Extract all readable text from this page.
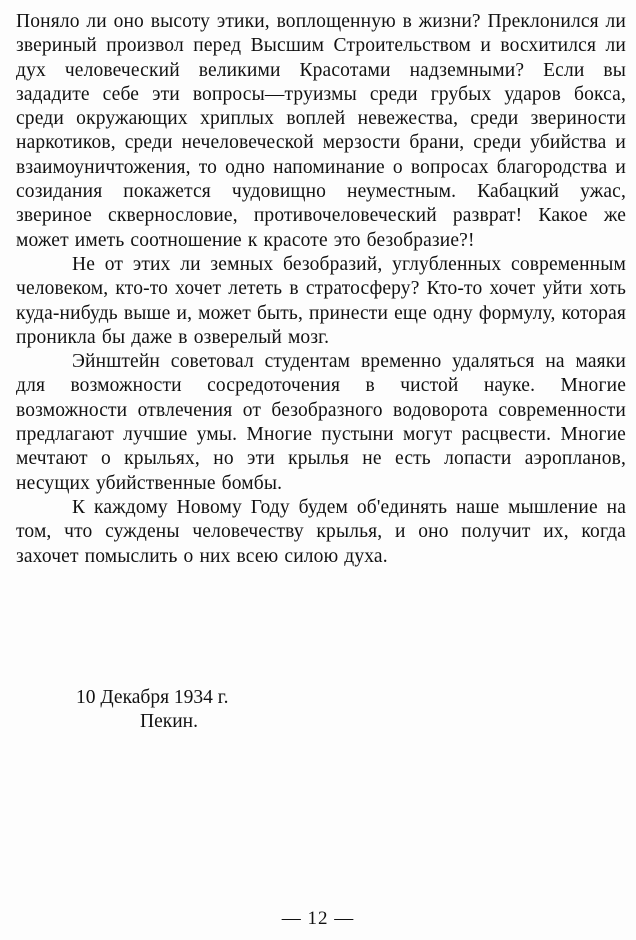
Поняло ли оно высоту этики, воплощенную в жизни? Преклонился ли звериный произвол перед Высшим Строительством и восхитился ли дух человеческий великими Красотами надземными? Если вы зададите себе эти вопросы—труизмы среди грубых ударов бокса, среди окружающих хриплых воплей невежества, среди звериности наркотиков, среди нечеловеческой мерзости брани, среди убийства и взаимоуничтожения, то одно напоминание о вопросах благородства и созидания покажется чудовищно неуместным. Кабацкий ужас, звериное сквернословие, противочеловеческий разврат! Какое же может иметь соотношение к красоте это безобразие?!

Не от этих ли земных безобразий, углубленных современным человеком, кто-то хочет лететь в стратосферу? Кто-то хочет уйти хоть куда-нибудь выше и, может быть, принести еще одну формулу, которая проникла бы даже в озверелый мозг.

Эйнштейн советовал студентам временно удаляться на маяки для возможности сосредоточения в чистой науке. Многие возможности отвлечения от безобразного водоворота современности предлагают лучшие умы. Многие пустыни могут расцвести. Многие мечтают о крыльях, но эти крылья не есть лопасти аэропланов, несущих убийственные бомбы.

К каждому Новому Году будем об'единять наше мышление на том, что суждены человечеству крылья, и оно получит их, когда захочет помыслить о них всею силою духа.

10 Декабря 1934 г.
Пекин.
— 12 —
